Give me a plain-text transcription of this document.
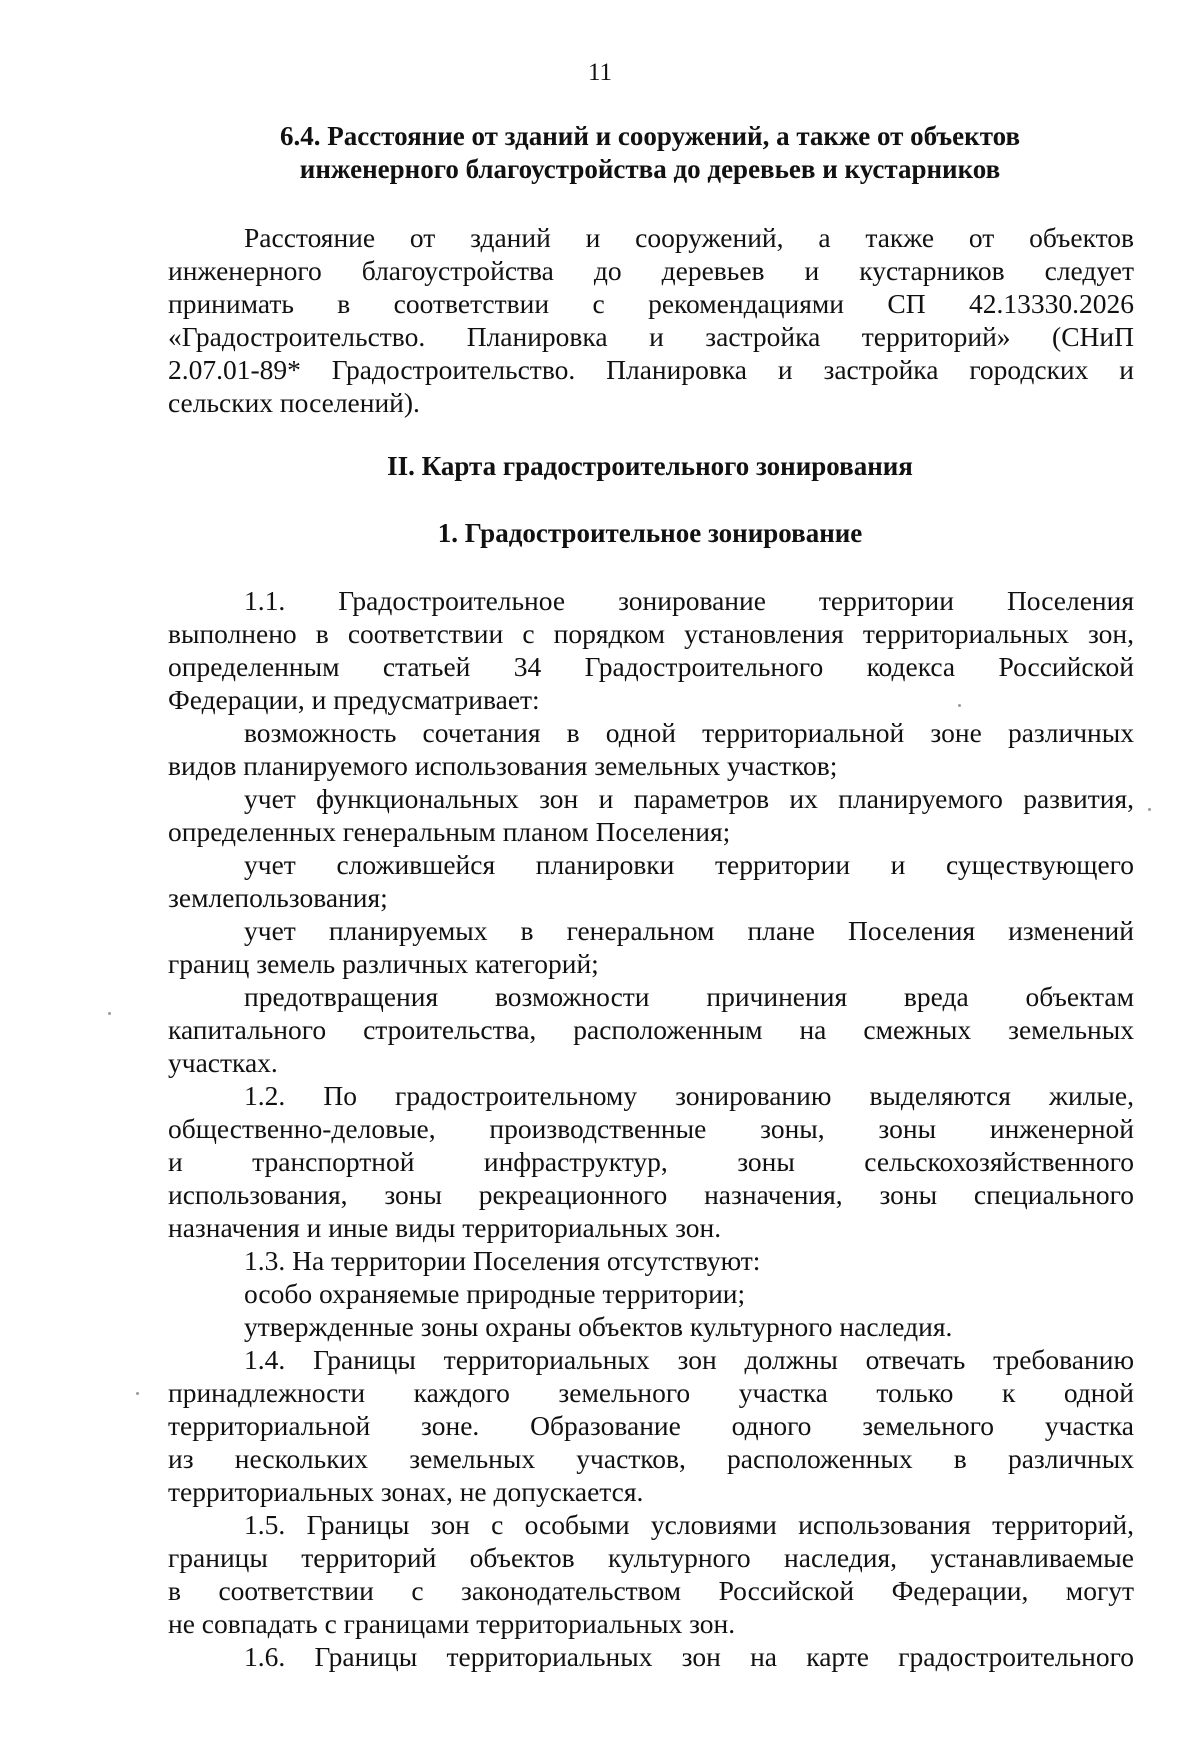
11
6.4. Расстояние от зданий и сооружений, а также от объектов
инженерного благоустройства до деревьев и кустарников
Расстояние от зданий и сооружений, а также от объектов
инженерного благоустройства до деревьев и кустарников следует
принимать в соответствии с рекомендациями СП 42.13330.2026
«Градостроительство. Планировка и застройка территорий» (СНиП
2.07.01-89* Градостроительство. Планировка и застройка городских и
сельских поселений).
II. Карта градостроительного зонирования
1. Градостроительное зонирование
1.1. Градостроительное зонирование территории Поселения
выполнено в соответствии с порядком установления территориальных зон,
определенным статьей 34 Градостроительного кодекса Российской
Федерации, и предусматривает:
возможность сочетания в одной территориальной зоне различных
видов планируемого использования земельных участков;
учет функциональных зон и параметров их планируемого развития,
определенных генеральным планом Поселения;
учет сложившейся планировки территории и существующего
землепользования;
учет планируемых в генеральном плане Поселения изменений
границ земель различных категорий;
предотвращения возможности причинения вреда объектам
капитального строительства, расположенным на смежных земельных
участках.
1.2. По градостроительному зонированию выделяются жилые,
общественно-деловые, производственные зоны, зоны инженерной
и транспортной инфраструктур, зоны сельскохозяйственного
использования, зоны рекреационного назначения, зоны специального
назначения и иные виды территориальных зон.
1.3. На территории Поселения отсутствуют:
особо охраняемые природные территории;
утвержденные зоны охраны объектов культурного наследия.
1.4. Границы территориальных зон должны отвечать требованию
принадлежности каждого земельного участка только к одной
территориальной зоне. Образование одного земельного участка
из нескольких земельных участков, расположенных в различных
территориальных зонах, не допускается.
1.5. Границы зон с особыми условиями использования территорий,
границы территорий объектов культурного наследия, устанавливаемые
в соответствии с законодательством Российской Федерации, могут
не совпадать с границами территориальных зон.
1.6. Границы территориальных зон на карте градостроительного
